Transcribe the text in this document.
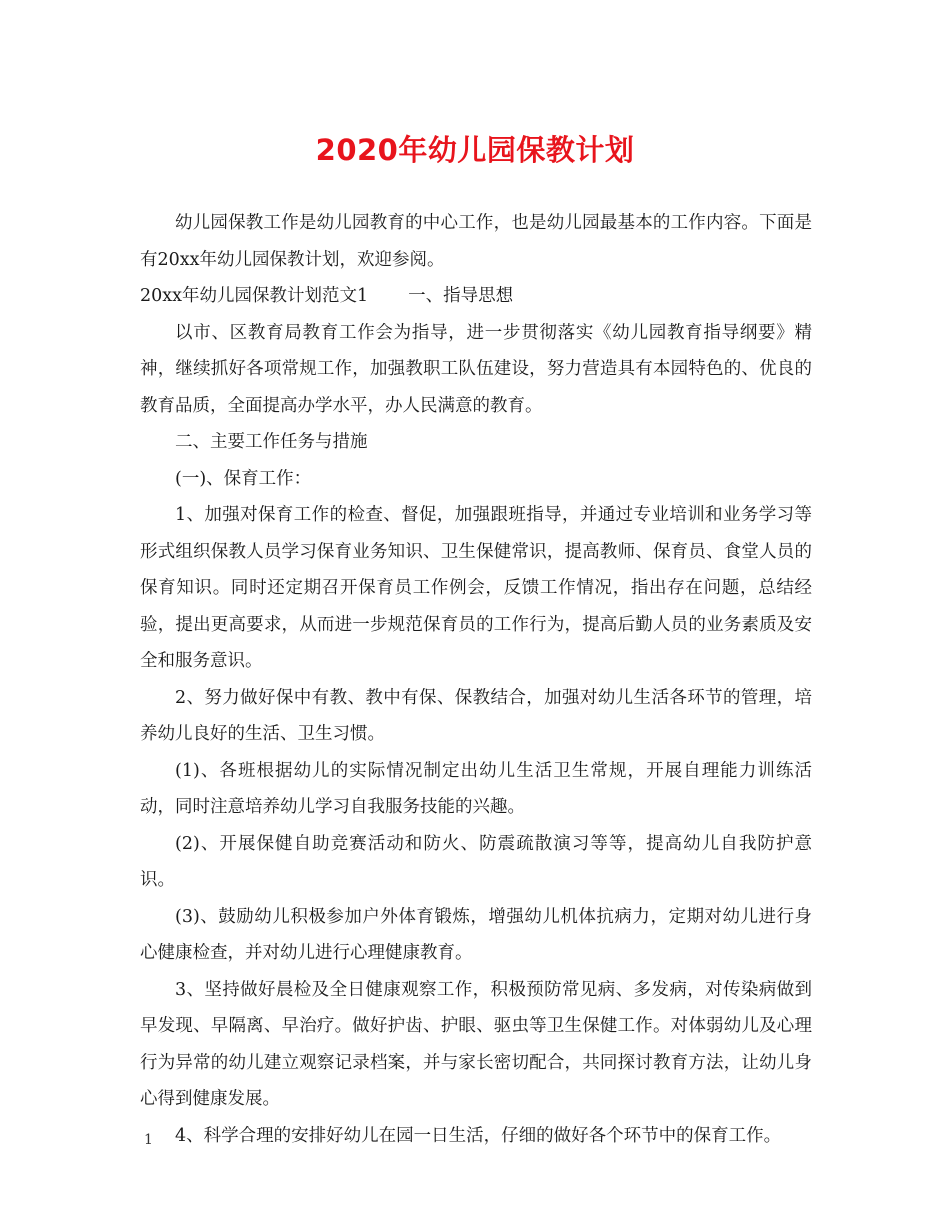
2020年幼儿园保教计划

幼儿园保教工作是幼儿园教育的中心工作，也是幼儿园最基本的工作内容。下面是有20xx年幼儿园保教计划，欢迎参阅。

20xx年幼儿园保教计划范文1 一、指导思想

以市、区教育局教育工作会为指导，进一步贯彻落实《幼儿园教育指导纲要》精神，继续抓好各项常规工作，加强教职工队伍建设，努力营造具有本园特色的、优良的教育品质，全面提高办学水平，办人民满意的教育。

二、主要工作任务与措施

(一)、保育工作：

1、加强对保育工作的检查、督促，加强跟班指导，并通过专业培训和业务学习等形式组织保教人员学习保育业务知识、卫生保健常识，提高教师、保育员、食堂人员的保育知识。同时还定期召开保育员工作例会，反馈工作情况，指出存在问题，总结经验，提出更高要求，从而进一步规范保育员的工作行为，提高后勤人员的业务素质及安全和服务意识。

2、努力做好保中有教、教中有保、保教结合，加强对幼儿生活各环节的管理，培养幼儿良好的生活、卫生习惯。

(1)、各班根据幼儿的实际情况制定出幼儿生活卫生常规，开展自理能力训练活动，同时注意培养幼儿学习自我服务技能的兴趣。

(2)、开展保健自助竞赛活动和防火、防震疏散演习等等，提高幼儿自我防护意识。

(3)、鼓励幼儿积极参加户外体育锻炼，增强幼儿机体抗病力，定期对幼儿进行身心健康检查，并对幼儿进行心理健康教育。

3、坚持做好晨检及全日健康观察工作，积极预防常见病、多发病，对传染病做到早发现、早隔离、早治疗。做好护齿、护眼、驱虫等卫生保健工作。对体弱幼儿及心理行为异常的幼儿建立观察记录档案，并与家长密切配合，共同探讨教育方法，让幼儿身心得到健康发展。

4、科学合理的安排好幼儿在园一日生活，仔细的做好各个环节中的保育工作。

1
